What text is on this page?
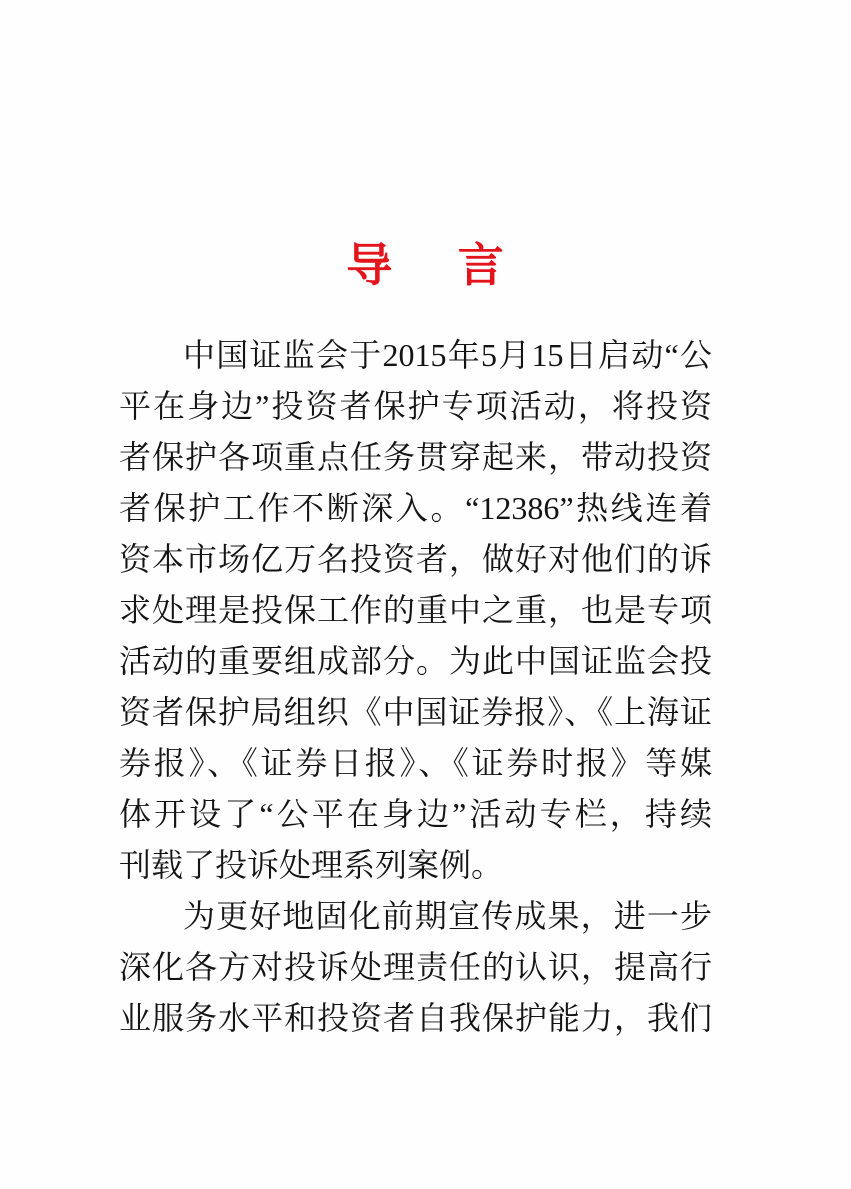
导 言
中国证监会于2015年5月15日启动“公
平在身边”投资者保护专项活动，将投资
者保护各项重点任务贯穿起来，带动投资
者保护工作不断深入。“12386”热线连着
资本市场亿万名投资者，做好对他们的诉
求处理是投保工作的重中之重，也是专项
活动的重要组成部分。为此中国证监会投
资者保护局组织《中国证券报》、《上海证
券报》、《证券日报》、《证券时报》等媒
体开设了“公平在身边”活动专栏，持续
刊载了投诉处理系列案例。
为更好地固化前期宣传成果，进一步
深化各方对投诉处理责任的认识，提高行
业服务水平和投资者自我保护能力，我们
